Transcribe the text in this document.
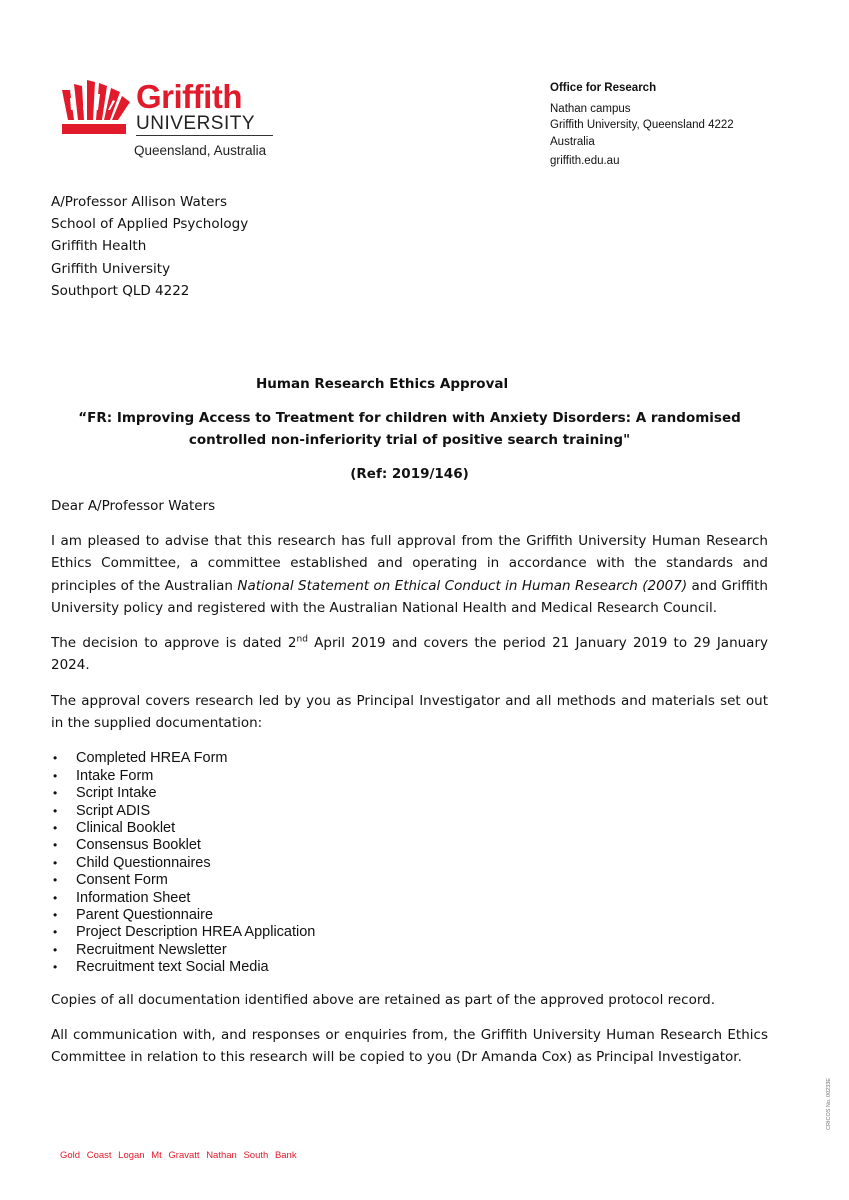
Griffith
UNIVERSITY
Queensland, Australia
Office for Research
Nathan campus
Griffith University, Queensland 4222
Australia
griffith.edu.au
A/Professor Allison Waters
School of Applied Psychology
Griffith Health
Griffith University
Southport QLD 4222
Human Research Ethics Approval
“FR: Improving Access to Treatment for children with Anxiety Disorders: A randomised controlled non-inferiority trial of positive search training"
(Ref: 2019/146)
Dear A/Professor Waters
I am pleased to advise that this research has full approval from the Griffith University Human Research Ethics Committee, a committee established and operating in accordance with the standards and principles of the Australian National Statement on Ethical Conduct in Human Research (2007) and Griffith University policy and registered with the Australian National Health and Medical Research Council.
The decision to approve is dated 2nd April 2019 and covers the period 21 January 2019 to 29 January 2024.
The approval covers research led by you as Principal Investigator and all methods and materials set out in the supplied documentation:
• Completed HREA Form
• Intake Form
• Script Intake
• Script ADIS
• Clinical Booklet
• Consensus Booklet
• Child Questionnaires
• Consent Form
• Information Sheet
• Parent Questionnaire
• Project Description HREA Application
• Recruitment Newsletter
• Recruitment text Social Media
Copies of all documentation identified above are retained as part of the approved protocol record.
All communication with, and responses or enquiries from, the Griffith University Human Research Ethics Committee in relation to this research will be copied to you (Dr Amanda Cox) as Principal Investigator.
Gold Coast Logan Mt Gravatt Nathan South Bank
CRICOS No. 00233E
